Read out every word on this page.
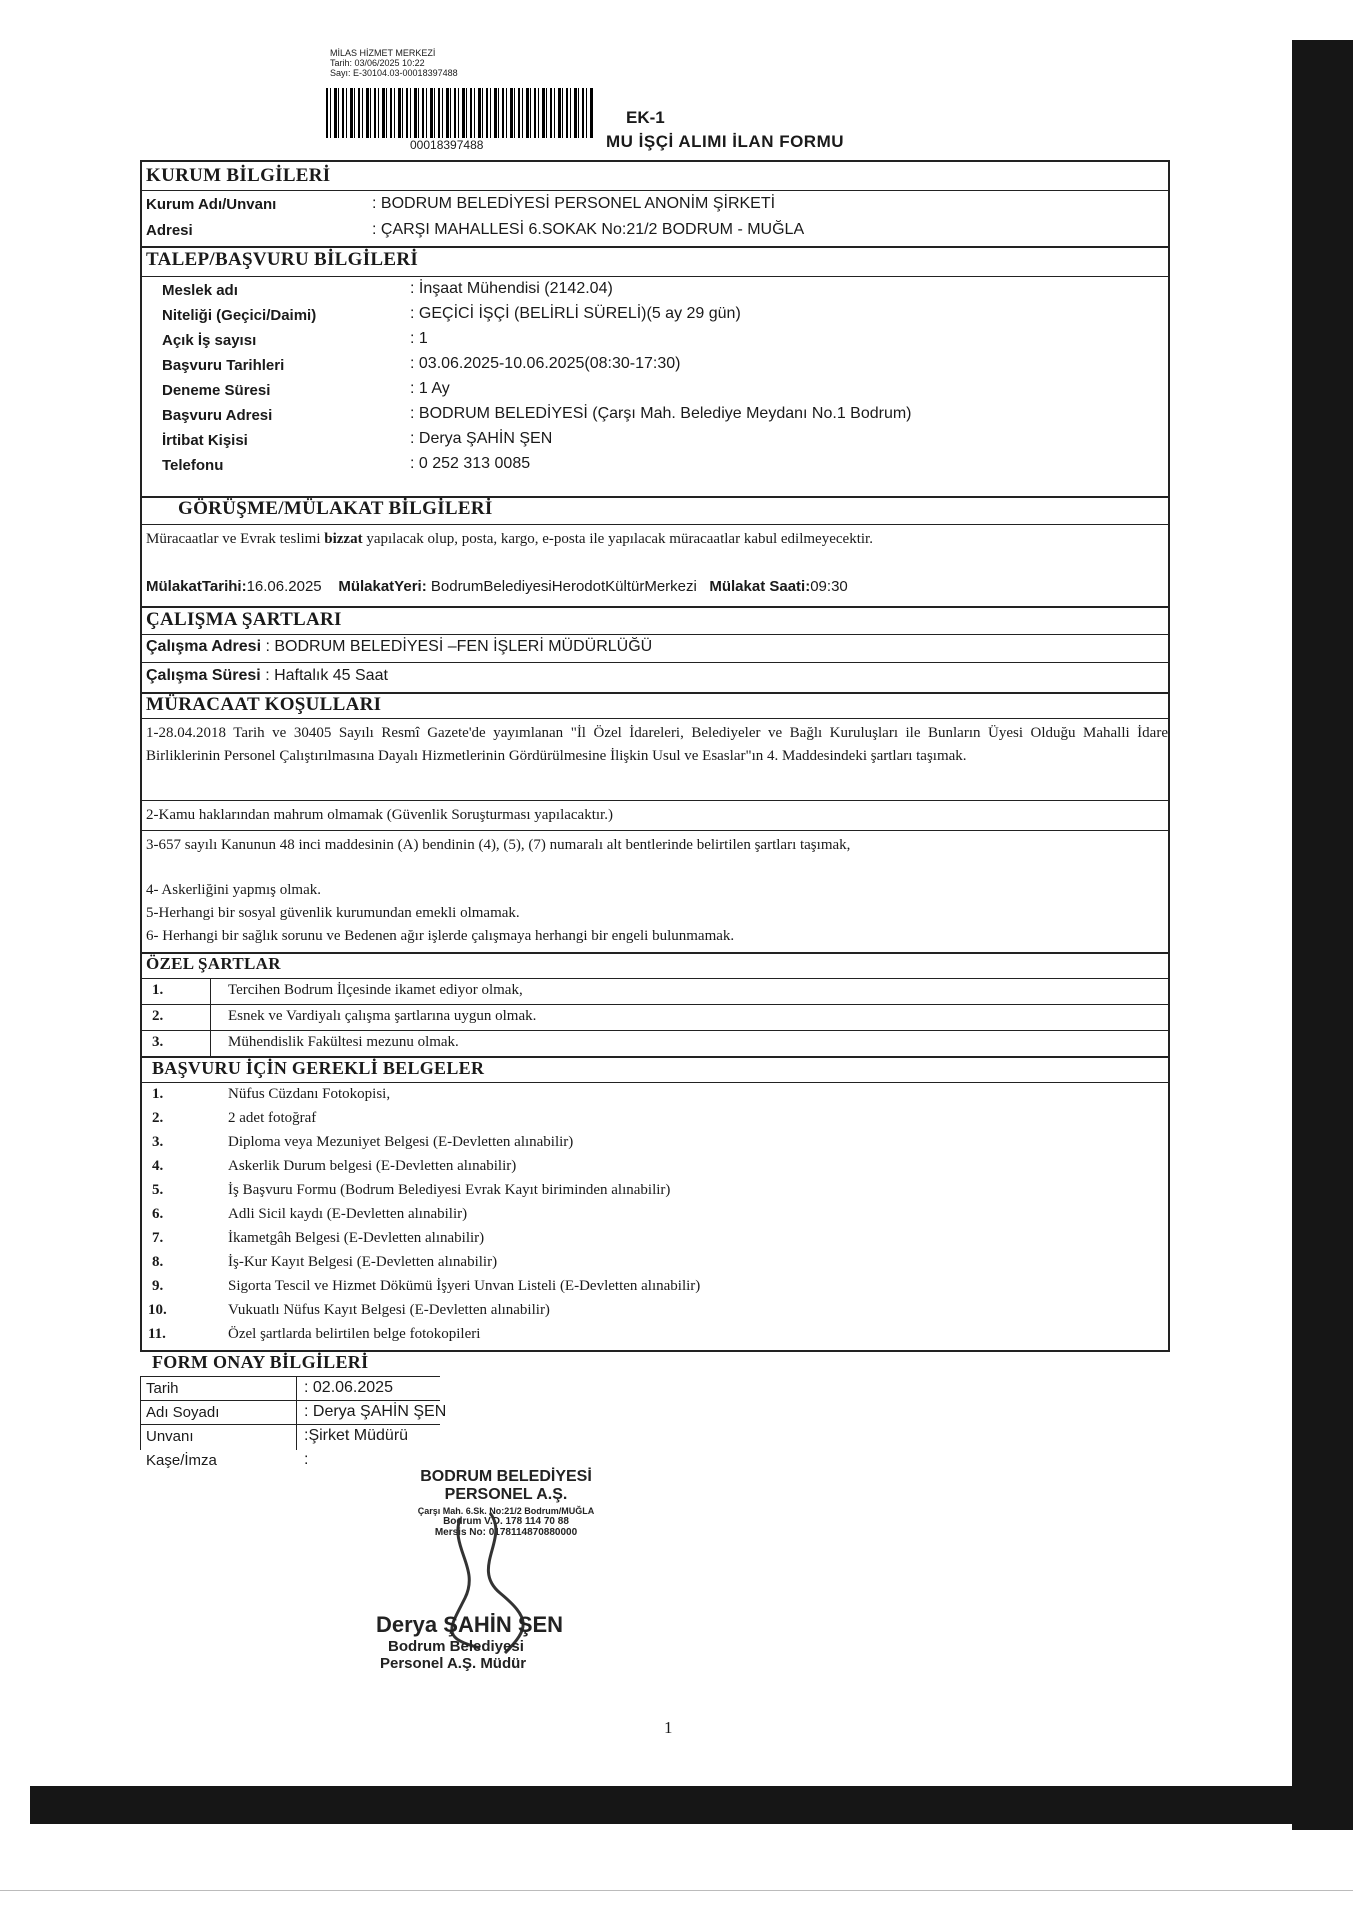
MİLAS HİZMET MERKEZİ
Tarih: 03/06/2025 10:22
Sayı: E-30104.03-00018397488
00018397488
EK-1
MU İŞÇİ ALIMI İLAN FORMU
KURUM BİLGİLERİ
Kurum Adı/Unvanı	: BODRUM BELEDİYESİ PERSONEL ANONİM ŞİRKETİ
Adresi	: ÇARŞI MAHALLESİ 6.SOKAK No:21/2 BODRUM - MUĞLA
TALEP/BAŞVURU BİLGİLERİ
Meslek adı	: İnşaat Mühendisi (2142.04)
Niteliği (Geçici/Daimi)	: GEÇİCİ İŞÇİ (BELİRLİ SÜRELİ)(5 ay 29 gün)
Açık İş sayısı	: 1
Başvuru Tarihleri	: 03.06.2025-10.06.2025(08:30-17:30)
Deneme Süresi	: 1 Ay
Başvuru Adresi	: BODRUM BELEDİYESİ (Çarşı Mah. Belediye Meydanı No.1 Bodrum)
İrtibat Kişisi	: Derya ŞAHİN ŞEN
Telefonu	: 0 252 313 0085
GÖRÜŞME/MÜLAKAT BİLGİLERİ
Müracaatlar ve Evrak teslimi bizzat yapılacak olup, posta, kargo, e-posta ile yapılacak müracaatlar kabul edilmeyecektir.
MülakatTarihi:16.06.2025 MülakatYeri: BodrumBelediyesiHerodotKültürMerkezi Mülakat Saati:09:30
ÇALIŞMA ŞARTLARI
Çalışma Adresi : BODRUM BELEDİYESİ –FEN İŞLERİ MÜDÜRLÜĞÜ
Çalışma Süresi : Haftalık 45 Saat
MÜRACAAT KOŞULLARI
1-28.04.2018 Tarih ve 30405 Sayılı Resmî Gazete'de yayımlanan "İl Özel İdareleri, Belediyeler ve Bağlı Kuruluşları ile Bunların Üyesi Olduğu Mahalli İdare Birliklerinin Personel Çalıştırılmasına Dayalı Hizmetlerinin Gördürülmesine İlişkin Usul ve Esaslar"ın 4. Maddesindeki şartları taşımak.
2-Kamu haklarından mahrum olmamak (Güvenlik Soruşturması yapılacaktır.)
3-657 sayılı Kanunun 48 inci maddesinin (A) bendinin (4), (5), (7) numaralı alt bentlerinde belirtilen şartları taşımak,
4- Askerliğini yapmış olmak.
5-Herhangi bir sosyal güvenlik kurumundan emekli olmamak.
6- Herhangi bir sağlık sorunu ve Bedenen ağır işlerde çalışmaya herhangi bir engeli bulunmamak.
ÖZEL ŞARTLAR
1.	Tercihen Bodrum İlçesinde ikamet ediyor olmak,
2.	Esnek ve Vardiyalı çalışma şartlarına uygun olmak.
3.	Mühendislik Fakültesi mezunu olmak.
BAŞVURU İÇİN GEREKLİ BELGELER
1.	Nüfus Cüzdanı Fotokopisi,
2.	2 adet fotoğraf
3.	Diploma veya Mezuniyet Belgesi (E-Devletten alınabilir)
4.	Askerlik Durum belgesi (E-Devletten alınabilir)
5.	İş Başvuru Formu (Bodrum Belediyesi Evrak Kayıt biriminden alınabilir)
6.	Adli Sicil kaydı (E-Devletten alınabilir)
7.	İkametgâh Belgesi (E-Devletten alınabilir)
8.	İş-Kur Kayıt Belgesi (E-Devletten alınabilir)
9.	Sigorta Tescil ve Hizmet Dökümü İşyeri Unvan Listeli (E-Devletten alınabilir)
10.	Vukuatlı Nüfus Kayıt Belgesi (E-Devletten alınabilir)
11.	Özel şartlarda belirtilen belge fotokopileri
FORM ONAY BİLGİLERİ
Tarih	: 02.06.2025
Adı Soyadı	: Derya ŞAHİN ŞEN
Unvanı	:Şirket Müdürü
Kaşe/İmza	:
BODRUM BELEDİYESİ
PERSONEL A.Ş.
Çarşı Mah. 6.Sk. No:21/2 Bodrum/MUĞLA
Bodrum V.D. 178 114 70 88
Mersis No: 0178114870880000
Derya ŞAHİN ŞEN
Bodrum Belediyesi
Personel A.Ş. Müdür
1
